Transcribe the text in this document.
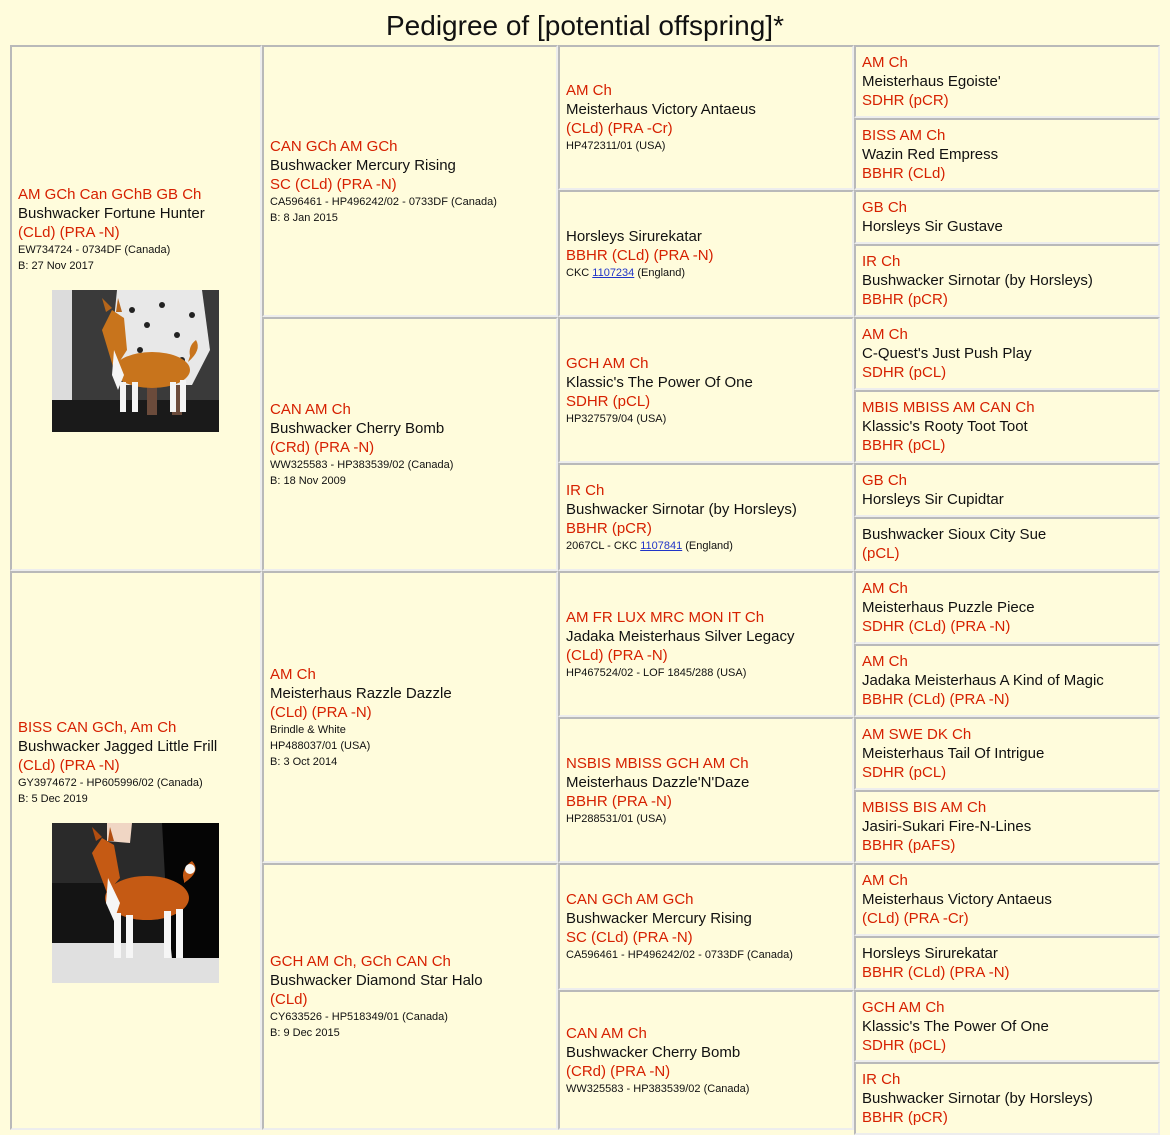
Pedigree of [potential offspring]*
AM GCh Can GChB GB Ch
Bushwacker Fortune Hunter
(CLd) (PRA -N)
EW734724 - 0734DF (Canada)
B: 27 Nov 2017
BISS CAN GCh, Am Ch
Bushwacker Jagged Little Frill
(CLd) (PRA -N)
GY3974672 - HP605996/02 (Canada)
B: 5 Dec 2019
CAN GCh AM GCh
Bushwacker Mercury Rising
SC (CLd) (PRA -N)
CA596461 - HP496242/02 - 0733DF (Canada)
B: 8 Jan 2015
CAN AM Ch
Bushwacker Cherry Bomb
(CRd) (PRA -N)
WW325583 - HP383539/02 (Canada)
B: 18 Nov 2009
AM Ch
Meisterhaus Razzle Dazzle
(CLd) (PRA -N)
Brindle & White
HP488037/01 (USA)
B: 3 Oct 2014
GCH AM Ch, GCh CAN Ch
Bushwacker Diamond Star Halo
(CLd)
CY633526 - HP518349/01 (Canada)
B: 9 Dec 2015
AM Ch
Meisterhaus Victory Antaeus
(CLd) (PRA -Cr)
HP472311/01 (USA)
Horsleys Sirurekatar
BBHR (CLd) (PRA -N)
CKC 1107234 (England)
GCH AM Ch
Klassic's The Power Of One
SDHR (pCL)
HP327579/04 (USA)
IR Ch
Bushwacker Sirnotar (by Horsleys)
BBHR (pCR)
2067CL - CKC 1107841 (England)
AM FR LUX MRC MON IT Ch
Jadaka Meisterhaus Silver Legacy
(CLd) (PRA -N)
HP467524/02 - LOF 1845/288 (USA)
NSBIS MBISS GCH AM Ch
Meisterhaus Dazzle'N'Daze
BBHR (PRA -N)
HP288531/01 (USA)
CAN GCh AM GCh
Bushwacker Mercury Rising
SC (CLd) (PRA -N)
CA596461 - HP496242/02 - 0733DF (Canada)
CAN AM Ch
Bushwacker Cherry Bomb
(CRd) (PRA -N)
WW325583 - HP383539/02 (Canada)
AM Ch
Meisterhaus Egoiste'
SDHR (pCR)
BISS AM Ch
Wazin Red Empress
BBHR (CLd)
GB Ch
Horsleys Sir Gustave
IR Ch
Bushwacker Sirnotar (by Horsleys)
BBHR (pCR)
AM Ch
C-Quest's Just Push Play
SDHR (pCL)
MBIS MBISS AM CAN Ch
Klassic's Rooty Toot Toot
BBHR (pCL)
GB Ch
Horsleys Sir Cupidtar
Bushwacker Sioux City Sue
(pCL)
AM Ch
Meisterhaus Puzzle Piece
SDHR (CLd) (PRA -N)
AM Ch
Jadaka Meisterhaus A Kind of Magic
BBHR (CLd) (PRA -N)
AM SWE DK Ch
Meisterhaus Tail Of Intrigue
SDHR (pCL)
MBISS BIS AM Ch
Jasiri-Sukari Fire-N-Lines
BBHR (pAFS)
AM Ch
Meisterhaus Victory Antaeus
(CLd) (PRA -Cr)
Horsleys Sirurekatar
BBHR (CLd) (PRA -N)
GCH AM Ch
Klassic's The Power Of One
SDHR (pCL)
IR Ch
Bushwacker Sirnotar (by Horsleys)
BBHR (pCR)
